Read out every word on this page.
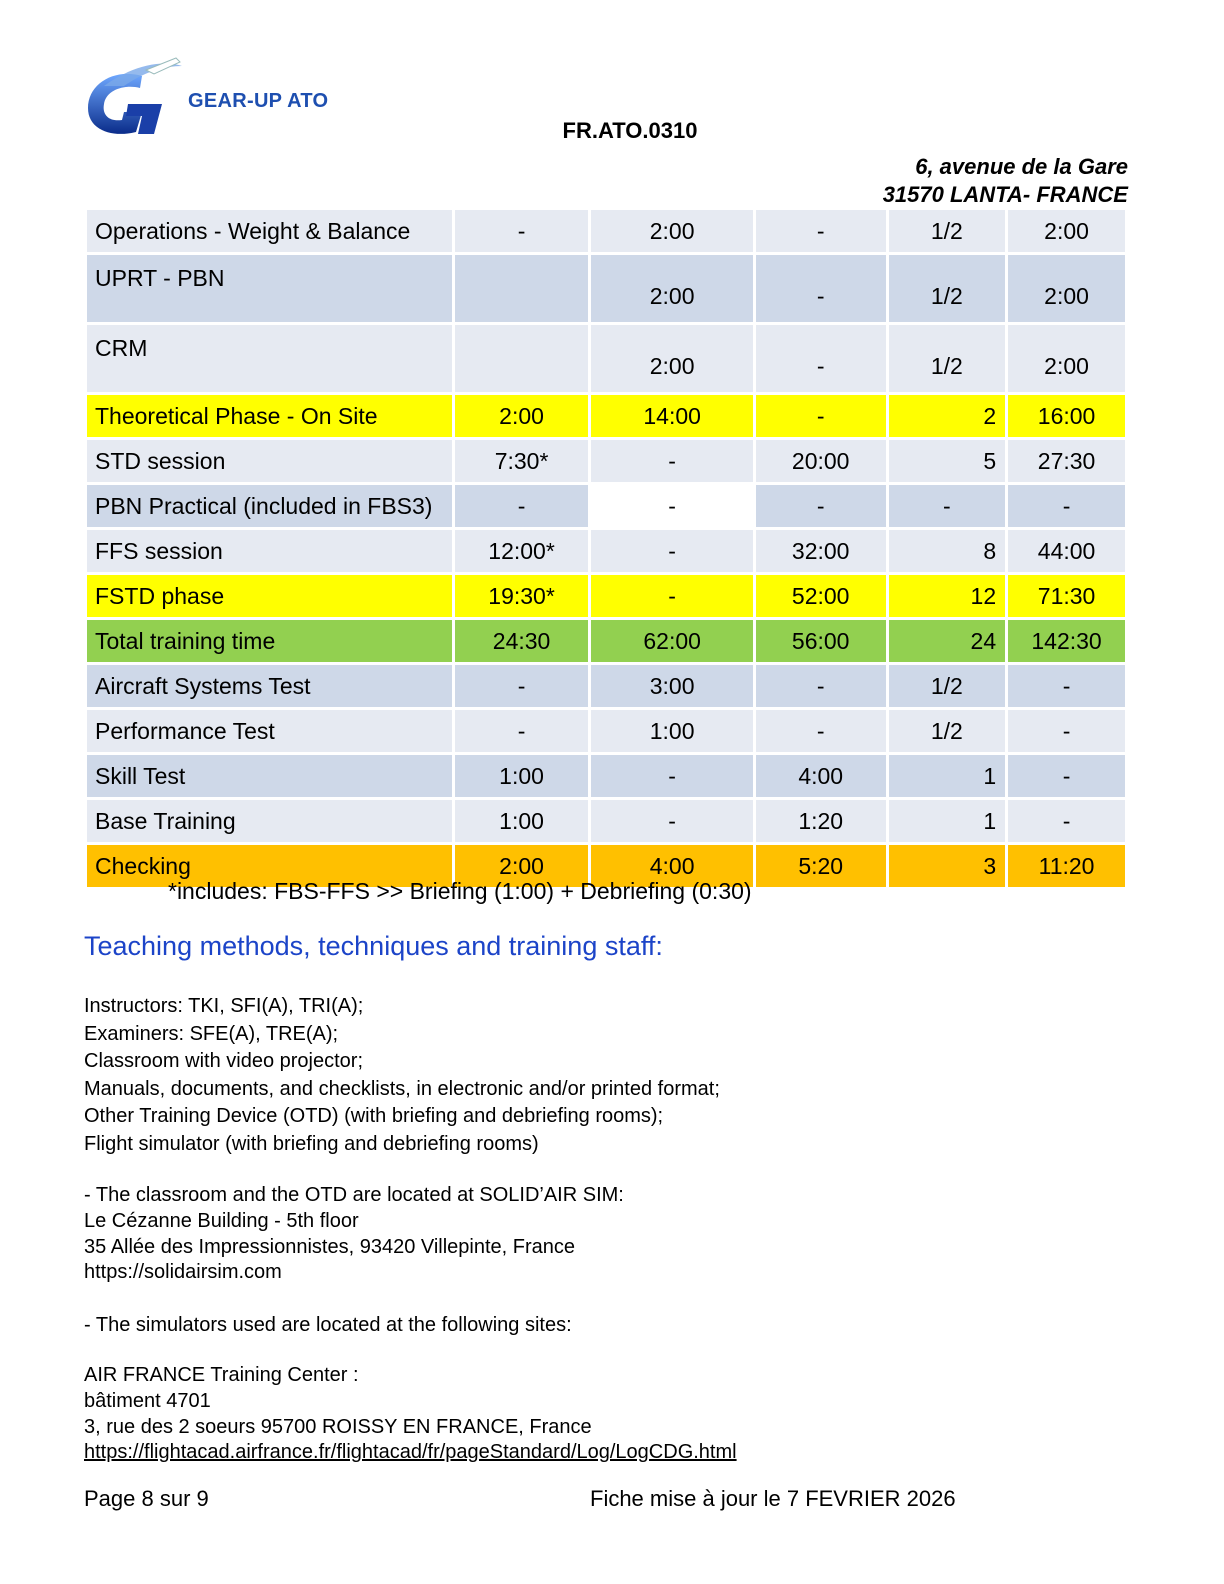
GEAR-UP ATO
FR.ATO.0310
6, avenue de la Gare
31570 LANTA- FRANCE
Operations - Weight & Balance	-	2:00	-	1/2	2:00
UPRT - PBN		2:00	-	1/2	2:00
CRM		2:00	-	1/2	2:00
Theoretical Phase - On Site	2:00	14:00	-	2	16:00
STD session	7:30*	-	20:00	5	27:30
PBN Practical (included in FBS3)	-	-	-	-	-
FFS session	12:00*	-	32:00	8	44:00
FSTD phase	19:30*	-	52:00	12	71:30
Total training time	24:30	62:00	56:00	24	142:30
Aircraft Systems Test	-	3:00	-	1/2	-
Performance Test	-	1:00	-	1/2	-
Skill Test	1:00	-	4:00	1	-
Base Training	1:00	-	1:20	1	-
Checking	2:00	4:00	5:20	3	11:20
*includes: FBS-FFS >> Briefing (1:00) + Debriefing (0:30)
Teaching methods, techniques and training staff:
Instructors: TKI, SFI(A), TRI(A);
Examiners: SFE(A), TRE(A);
Classroom with video projector;
Manuals, documents, and checklists, in electronic and/or printed format;
Other Training Device (OTD) (with briefing and debriefing rooms);
Flight simulator (with briefing and debriefing rooms)
- The classroom and the OTD are located at SOLID’AIR SIM:
Le Cézanne Building - 5th floor
35 Allée des Impressionnistes, 93420 Villepinte, France
https://solidairsim.com
- The simulators used are located at the following sites:
AIR FRANCE Training Center :
bâtiment 4701
3, rue des 2 soeurs 95700 ROISSY EN FRANCE, France
https://flightacad.airfrance.fr/flightacad/fr/pageStandard/Log/LogCDG.html
Page 8 sur 9	Fiche mise à jour le 7 FEVRIER 2026
